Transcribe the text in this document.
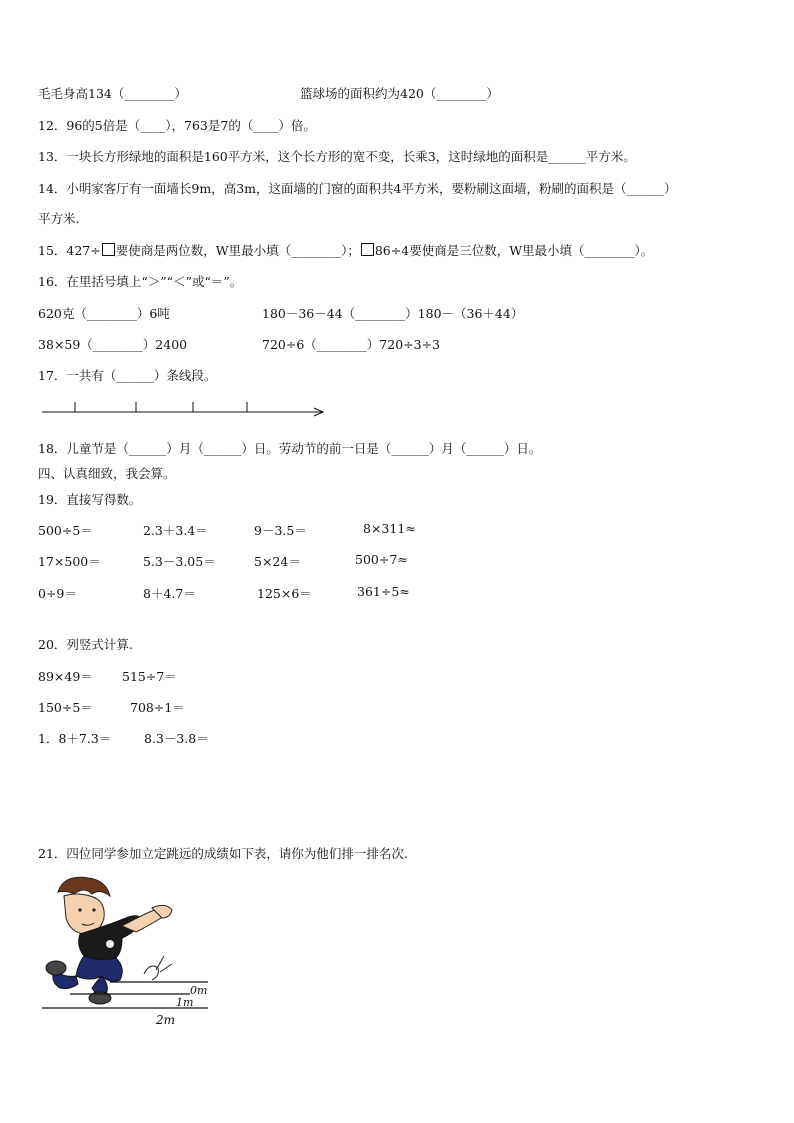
毛毛身高134（________）	篮球场的面积约为420（________）
12．96的5倍是（____），763是7的（____）倍。
13．一块长方形绿地的面积是160平方米，这个长方形的宽不变，长乘3，这时绿地的面积是______平方米。
14．小明家客厅有一面墙长9m，高3m，这面墙的门窗的面积共4平方米，要粉刷这面墙，粉刷的面积是（______）
平方米.
15．427÷ 要使商是两位数，W里最小填（________）； 86÷4要使商是三位数，W里最小填（________）。
16．在里括号填上“＞”“＜”或“＝”。
620克（________）6吨	180－36－44（________）180－（36＋44）
38×59（________）2400	720÷6（________）720÷3÷3
17．一共有（______）条线段。
18．儿童节是（______）月（______）日。劳动节的前一日是（______）月（______）日。
四、认真细致，我会算。
19．直接写得数。
500÷5＝	2.3＋3.4＝	9－3.5＝	8×311≈
17×500＝	5.3－3.05＝	5×24＝	500÷7≈
0÷9＝	8＋4.7＝	125×6＝	361÷5≈
20．列竖式计算.
89×49＝ 515÷7＝
150÷5＝	708÷1＝
1．8＋7.3＝	8.3－3.8＝
21．四位同学参加立定跳远的成绩如下表，请你为他们排一排名次.
0m
1m
2m
